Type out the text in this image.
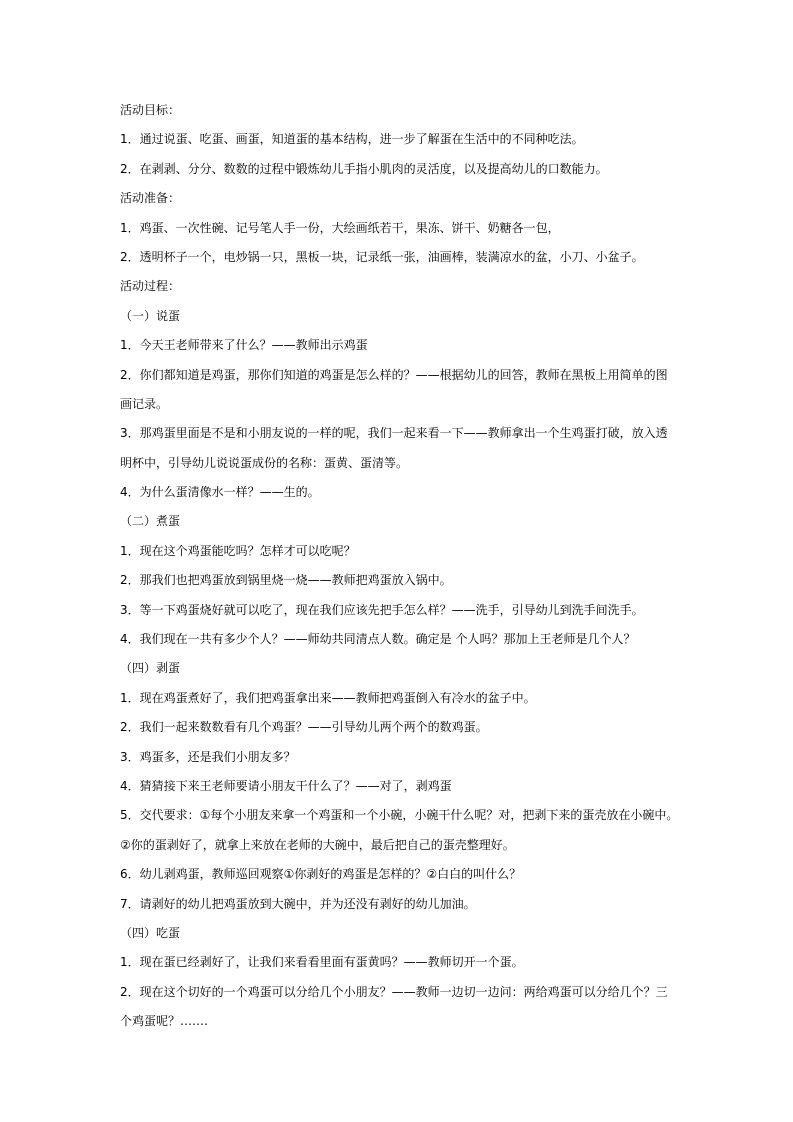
活动目标：
1．通过说蛋、吃蛋、画蛋，知道蛋的基本结构，进一步了解蛋在生活中的不同种吃法。
2．在剥剥、分分、数数的过程中锻炼幼儿手指小肌肉的灵活度，以及提高幼儿的口数能力。
活动准备：
1．鸡蛋、一次性碗、记号笔人手一份，大绘画纸若干，果冻、饼干、奶糖各一包，
2．透明杯子一个，电炒锅一只，黑板一块，记录纸一张，油画棒，装满凉水的盆，小刀、小盆子。
活动过程：
（一）说蛋
1．今天王老师带来了什么？——教师出示鸡蛋
2．你们都知道是鸡蛋，那你们知道的鸡蛋是怎么样的？——根据幼儿的回答，教师在黑板上用简单的图
画记录。
3．那鸡蛋里面是不是和小朋友说的一样的呢，我们一起来看一下——教师拿出一个生鸡蛋打破，放入透
明杯中，引导幼儿说说蛋成份的名称：蛋黄、蛋清等。
4．为什么蛋清像水一样？——生的。
（二）煮蛋
1．现在这个鸡蛋能吃吗？怎样才可以吃呢？
2．那我们也把鸡蛋放到锅里烧一烧——教师把鸡蛋放入锅中。
3．等一下鸡蛋烧好就可以吃了，现在我们应该先把手怎么样？——洗手，引导幼儿到洗手间洗手。
4．我们现在一共有多少个人？——师幼共同清点人数。确定是 个人吗？那加上王老师是几个人？
（四）剥蛋
1．现在鸡蛋煮好了，我们把鸡蛋拿出来——教师把鸡蛋倒入有冷水的盆子中。
2．我们一起来数数看有几个鸡蛋？——引导幼儿两个两个的数鸡蛋。
3．鸡蛋多，还是我们小朋友多？
4．猜猜接下来王老师要请小朋友干什么了？——对了，剥鸡蛋
5．交代要求：①每个小朋友来拿一个鸡蛋和一个小碗，小碗干什么呢？对，把剥下来的蛋壳放在小碗中。
②你的蛋剥好了，就拿上来放在老师的大碗中，最后把自己的蛋壳整理好。
6．幼儿剥鸡蛋，教师巡回观察①你剥好的鸡蛋是怎样的？②白白的叫什么？
7．请剥好的幼儿把鸡蛋放到大碗中，并为还没有剥好的幼儿加油。
（四）吃蛋
1．现在蛋已经剥好了，让我们来看看里面有蛋黄吗？——教师切开一个蛋。
2．现在这个切好的一个鸡蛋可以分给几个小朋友？——教师一边切一边问：两给鸡蛋可以分给几个？三
个鸡蛋呢？…….
